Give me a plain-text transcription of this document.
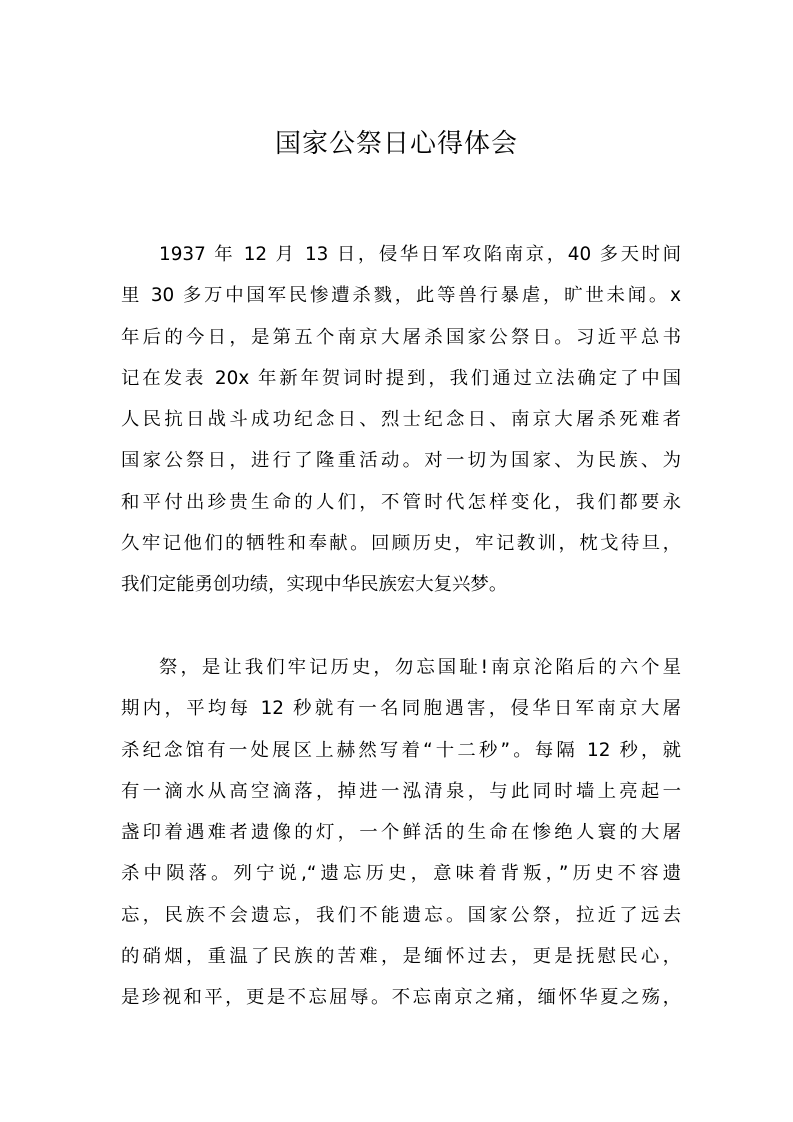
国家公祭日心得体会
1937 年 12 月 13 日，侵华日军攻陷南京，40 多天时间
里 30 多万中国军民惨遭杀戮，此等兽行暴虐，旷世未闻。x
年后的今日，是第五个南京大屠杀国家公祭日。习近平总书
记在发表 20x 年新年贺词时提到，我们通过立法确定了中国
人民抗日战斗成功纪念日、烈士纪念日、南京大屠杀死难者
国家公祭日，进行了隆重活动。对一切为国家、为民族、为
和平付出珍贵生命的人们，不管时代怎样变化，我们都要永
久牢记他们的牺牲和奉献。回顾历史，牢记教训，枕戈待旦，
我们定能勇创功绩，实现中华民族宏大复兴梦。
祭，是让我们牢记历史，勿忘国耻!南京沦陷后的六个星
期内，平均每 12 秒就有一名同胞遇害，侵华日军南京大屠
杀纪念馆有一处展区上赫然写着“十二秒”。每隔 12 秒，就
有一滴水从高空滴落，掉进一泓清泉，与此同时墙上亮起一
盏印着遇难者遗像的灯，一个鲜活的生命在惨绝人寰的大屠
杀中陨落。列宁说,“遗忘历史，意味着背叛，”历史不容遗
忘，民族不会遗忘，我们不能遗忘。国家公祭，拉近了远去
的硝烟，重温了民族的苦难，是缅怀过去，更是抚慰民心，
是珍视和平，更是不忘屈辱。不忘南京之痛，缅怀华夏之殇，
